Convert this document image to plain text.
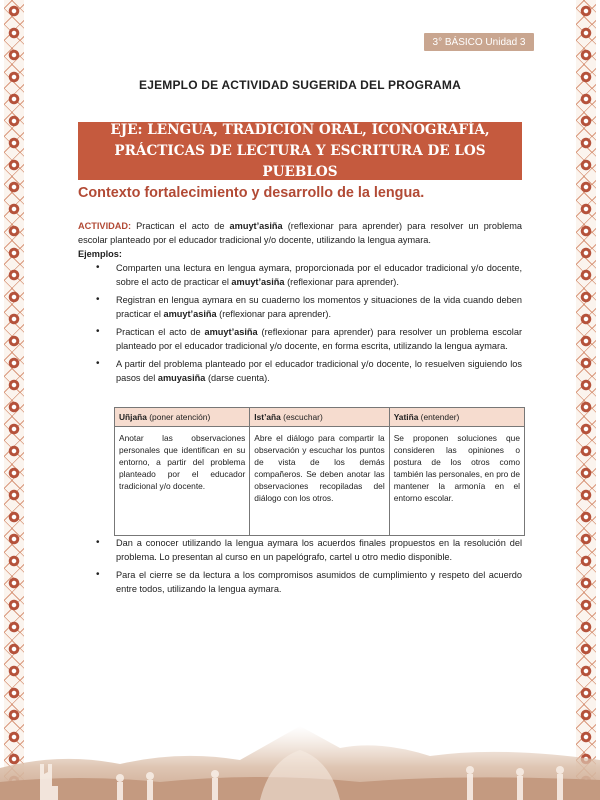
3° BÁSICO Unidad 3
EJEMPLO DE ACTIVIDAD SUGERIDA DEL PROGRAMA
EJE: LENGUA, TRADICIÓN ORAL, ICONOGRAFÍA,
PRÁCTICAS DE LECTURA Y ESCRITURA DE LOS PUEBLOS
Contexto fortalecimiento y desarrollo de la lengua.
ACTIVIDAD: Practican el acto de amuyt’asiña (reflexionar para aprender) para resolver un problema escolar planteado por el educador tradicional y/o docente, utilizando la lengua aymara.
Ejemplos:
• Comparten una lectura en lengua aymara, proporcionada por el educador tradicional y/o docente, sobre el acto de practicar el amuyt’asiña (reflexionar para aprender).
• Registran en lengua aymara en su cuaderno los momentos y situaciones de la vida cuando deben practicar el amuyt’asiña (reflexionar para aprender).
• Practican el acto de amuyt’asiña (reflexionar para aprender) para resolver un problema escolar planteado por el educador tradicional y/o docente, en forma escrita, utilizando la lengua aymara.
• A partir del problema planteado por el educador tradicional y/o docente, lo resuelven siguiendo los pasos del amuyasiña (darse cuenta).
Uñjaña (poner atención)	Ist’aña (escuchar)	Yatiña (entender)
Anotar las observaciones personales que identifican en su entorno, a partir del problema planteado por el educador tradicional y/o docente.	Abre el diálogo para compartir la observación y escuchar los puntos de vista de los demás compañeros. Se deben anotar las observaciones recopiladas del diálogo con los otros.	Se proponen soluciones que consideren las opiniones o postura de los otros como también las personales, en pro de mantener la armonía en el entorno escolar.
• Dan a conocer utilizando la lengua aymara los acuerdos finales propuestos en la resolución del problema. Lo presentan al curso en un papelógrafo, cartel u otro medio disponible.
• Para el cierre se da lectura a los compromisos asumidos de cumplimiento y respeto del acuerdo entre todos, utilizando la lengua aymara.
